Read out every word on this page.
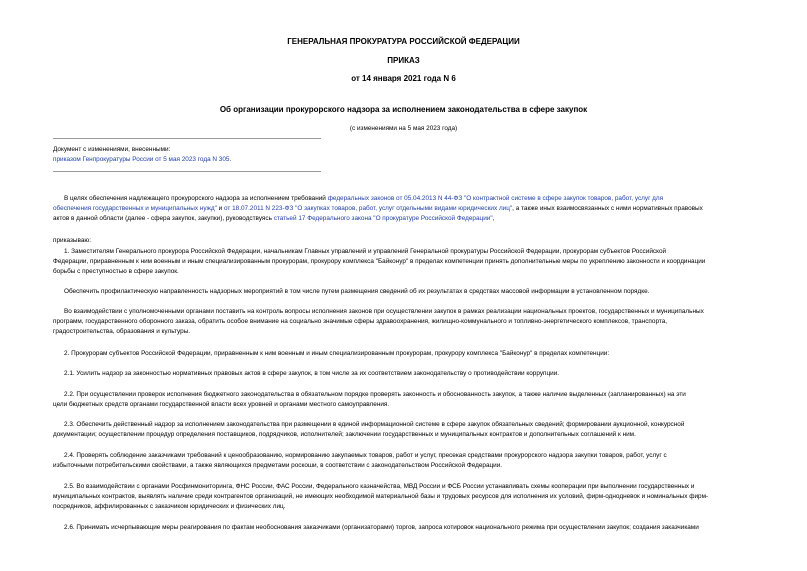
ГЕНЕРАЛЬНАЯ ПРОКУРАТУРА РОССИЙСКОЙ ФЕДЕРАЦИИ
ПРИКАЗ
от 14 января 2021 года N 6
Об организации прокурорского надзора за исполнением законодательства в сфере закупок
(с изменениями на 5 мая 2023 года)
Документ с изменениями, внесенными:
приказом Генпрокуратуры России от 5 мая 2023 года N 305.
В целях обеспечения надлежащего прокурорского надзора за исполнением требований федеральных законов от 05.04.2013 N 44-ФЗ "О контрактной системе в сфере закупок товаров, работ, услуг для
обеспечения государственных и муниципальных нужд" и от 18.07.2011 N 223-ФЗ "О закупках товаров, работ, услуг отдельными видами юридических лиц", а также иных взаимосвязанных с ними нормативных правовых
актов в данной области (далее - сфера закупок, закупки), руководствуясь статьей 17 Федерального закона "О прокуратуре Российской Федерации",
приказываю:
1. Заместителям Генерального прокурора Российской Федерации, начальникам Главных управлений и управлений Генеральной прокуратуры Российской Федерации, прокурорам субъектов Российской
Федерации, приравненным к ним военным и иным специализированным прокурорам, прокурору комплекса "Байконур" в пределах компетенции принять дополнительные меры по укреплению законности и координации
борьбы с преступностью в сфере закупок.
Обеспечить профилактическую направленность надзорных мероприятий в том числе путем размещения сведений об их результатах в средствах массовой информации в установленном порядке.
Во взаимодействии с уполномоченными органами поставить на контроль вопросы исполнения законов при осуществлении закупок в рамках реализации национальных проектов, государственных и муниципальных
программ, государственного оборонного заказа, обратить особое внимание на социально значимые сферы здравоохранения, жилищно-коммунального и топливно-энергетического комплексов, транспорта,
градостроительства, образования и культуры.
2. Прокурорам субъектов Российской Федерации, приравненным к ним военным и иным специализированным прокурорам, прокурору комплекса "Байконур" в пределах компетенции:
2.1. Усилить надзор за законностью нормативных правовых актов в сфере закупок, в том числе за их соответствием законодательству о противодействии коррупции.
2.2. При осуществлении проверок исполнения бюджетного законодательства в обязательном порядке проверять законность и обоснованность закупок, а также наличие выделенных (запланированных) на эти
цели бюджетных средств органами государственной власти всех уровней и органами местного самоуправления.
2.3. Обеспечить действенный надзор за исполнением законодательства при размещении в единой информационной системе в сфере закупок обязательных сведений; формировании аукционной, конкурсной
документации; осуществлении процедур определения поставщиков, подрядчиков, исполнителей; заключении государственных и муниципальных контрактов и дополнительных соглашений к ним.
2.4. Проверять соблюдение заказчиками требований к ценообразованию, нормированию закупаемых товаров, работ и услуг, пресекая средствами прокурорского надзора закупки товаров, работ, услуг с
избыточными потребительскими свойствами, а также являющихся предметами роскоши, в соответствии с законодательством Российской Федерации.
2.5. Во взаимодействии с органами Росфинмониторинга, ФНС России, ФАС России, Федерального казначейства, МВД России и ФСБ России устанавливать схемы кооперации при выполнении государственных и
муниципальных контрактов, выявлять наличие среди контрагентов организаций, не имеющих необходимой материальной базы и трудовых ресурсов для исполнения их условий, фирм-однодневок и номинальных фирм-
посредников, аффилированных с заказчиком юридических и физических лиц.
2.6. Принимать исчерпывающие меры реагирования по фактам необоснования заказчиками (организаторами) торгов, запроса котировок национального режима при осуществлении закупок; создания заказчиками
